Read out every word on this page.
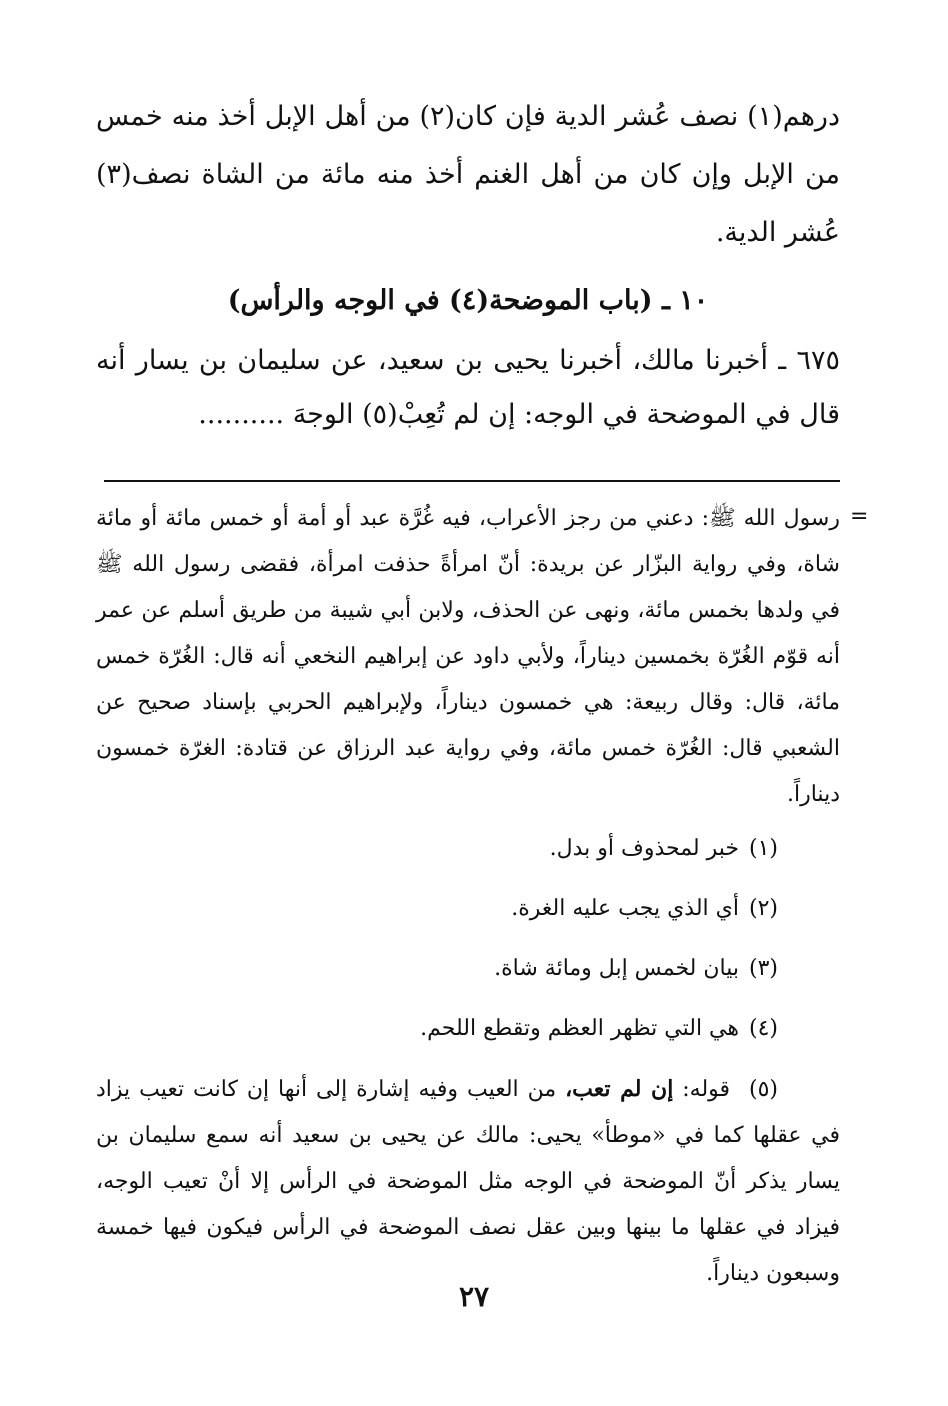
درهم(١) نصف عُشر الدية فإن كان(٢) من أهل الإبل أخذ منه خمس من الإبل وإن كان من أهل الغنم أخذ منه مائة من الشاة نصف(٣) عُشر الدية.

١٠ ـ (باب الموضحة(٤) في الوجه والرأس)

٦٧٥ ـ أخبرنا مالك، أخبرنا يحيى بن سعيد، عن سليمان بن يسار أنه قال في الموضحة في الوجه: إن لم تُعِبْ(٥) الوجهَ ..........

=

رسول الله ﷺ: دعني من رجز الأعراب، فيه غُرَّة عبد أو أمة أو خمس مائة أو مائة شاة، وفي رواية البزّار عن بريدة: أنّ امرأةً حذفت امرأة، فقضى رسول الله ﷺ في ولدها بخمس مائة، ونهى عن الحذف، ولابن أبي شيبة من طريق أسلم عن عمر أنه قوّم الغُرّة بخمسين ديناراً، ولأبي داود عن إبراهيم النخعي أنه قال: الغُرّة خمس مائة، قال: وقال ربيعة: هي خمسون ديناراً، ولإبراهيم الحربي بإسناد صحيح عن الشعبي قال: الغُرّة خمس مائة، وفي رواية عبد الرزاق عن قتادة: الغرّة خمسون ديناراً.

(١)خبر لمحذوف أو بدل.
(٢)أي الذي يجب عليه الغرة.
(٣)بيان لخمس إبل ومائة شاة.
(٤)هي التي تظهر العظم وتقطع اللحم.

(٥) قوله: إن لم تعب، من العيب وفيه إشارة إلى أنها إن كانت تعيب يزاد في عقلها كما في «موطأ» يحيى: مالك عن يحيى بن سعيد أنه سمع سليمان بن يسار يذكر أنّ الموضحة في الوجه مثل الموضحة في الرأس إلا أنْ تعيب الوجه، فيزاد في عقلها ما بينها وبين عقل نصف الموضحة في الرأس فيكون فيها خمسة وسبعون ديناراً.

٢٧
